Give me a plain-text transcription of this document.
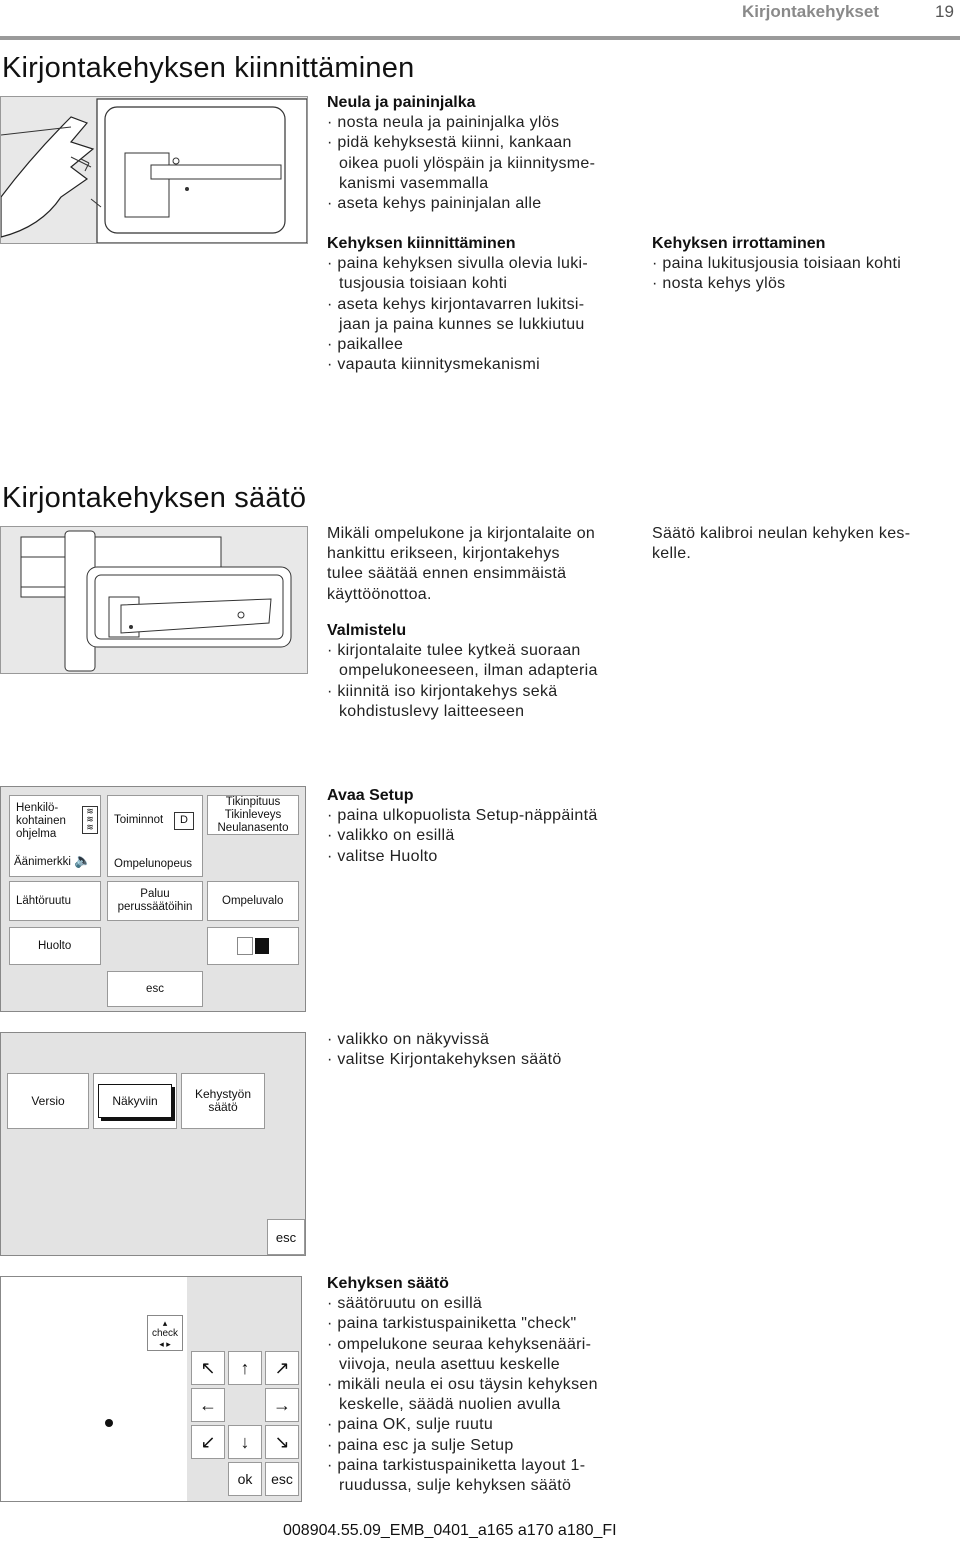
Kirjontakehykset	19
Kirjontakehyksen kiinnittäminen
Neula ja paininjalka
· nosta neula ja paininjalka ylös
· pidä kehyksestä kiinni, kankaan
oikea puoli ylöspäin ja kiinnitysme-
kanismi vasemmalla
· aseta kehys paininjalan alle
Kehyksen kiinnittäminen
· paina kehyksen sivulla olevia luki-
tusjousia toisiaan kohti
· aseta kehys kirjontavarren lukitsi-
jaan ja paina kunnes se lukkiutuu
· paikallee
· vapauta kiinnitysmekanismi
Kehyksen irrottaminen
· paina lukitusjousia toisiaan kohti
· nosta kehys ylös
Kirjontakehyksen säätö
Mikäli ompelukone ja kirjontalaite on
hankittu erikseen, kirjontakehys
tulee säätää ennen ensimmäistä
käyttöönottoa.
Säätö kalibroi neulan kehyken kes-
kelle.
Valmistelu
· kirjontalaite tulee kytkeä suoraan
ompelukoneeseen, ilman adapteria
· kiinnitä iso kirjontakehys sekä
kohdistuslevy laitteeseen
Henkilö-
kohtainen
ohjelma
≋
≋
≋
Äänimerkki 🔈
Toiminnot	D
Ompelunopeus
Tikinpituus
Tikinleveys
Neulanasento
Lähtöruutu
Paluu
perussäätöihin
Ompeluvalo
Huolto
esc
Avaa Setup
· paina ulkopuolista Setup-näppäintä
· valikko on esillä
· valitse Huolto
Versio	Näkyviin	Kehystyön
säätö
esc
· valikko on näkyvissä
· valitse Kirjontakehyksen säätö
▴
check
◂ ▸
↖	↑	↗
←	→
↙	↓	↘
ok esc
Kehyksen säätö
· säätöruutu on esillä
· paina tarkistuspainiketta "check"
· ompelukone seuraa kehyksenääri-
viivoja, neula asettuu keskelle
· mikäli neula ei osu täysin kehyksen
keskelle, säädä nuolien avulla
· paina OK, sulje ruutu
· paina esc ja sulje Setup
· paina tarkistuspainiketta layout 1-
ruudussa, sulje kehyksen säätö
008904.55.09_EMB_0401_a165 a170 a180_FI
